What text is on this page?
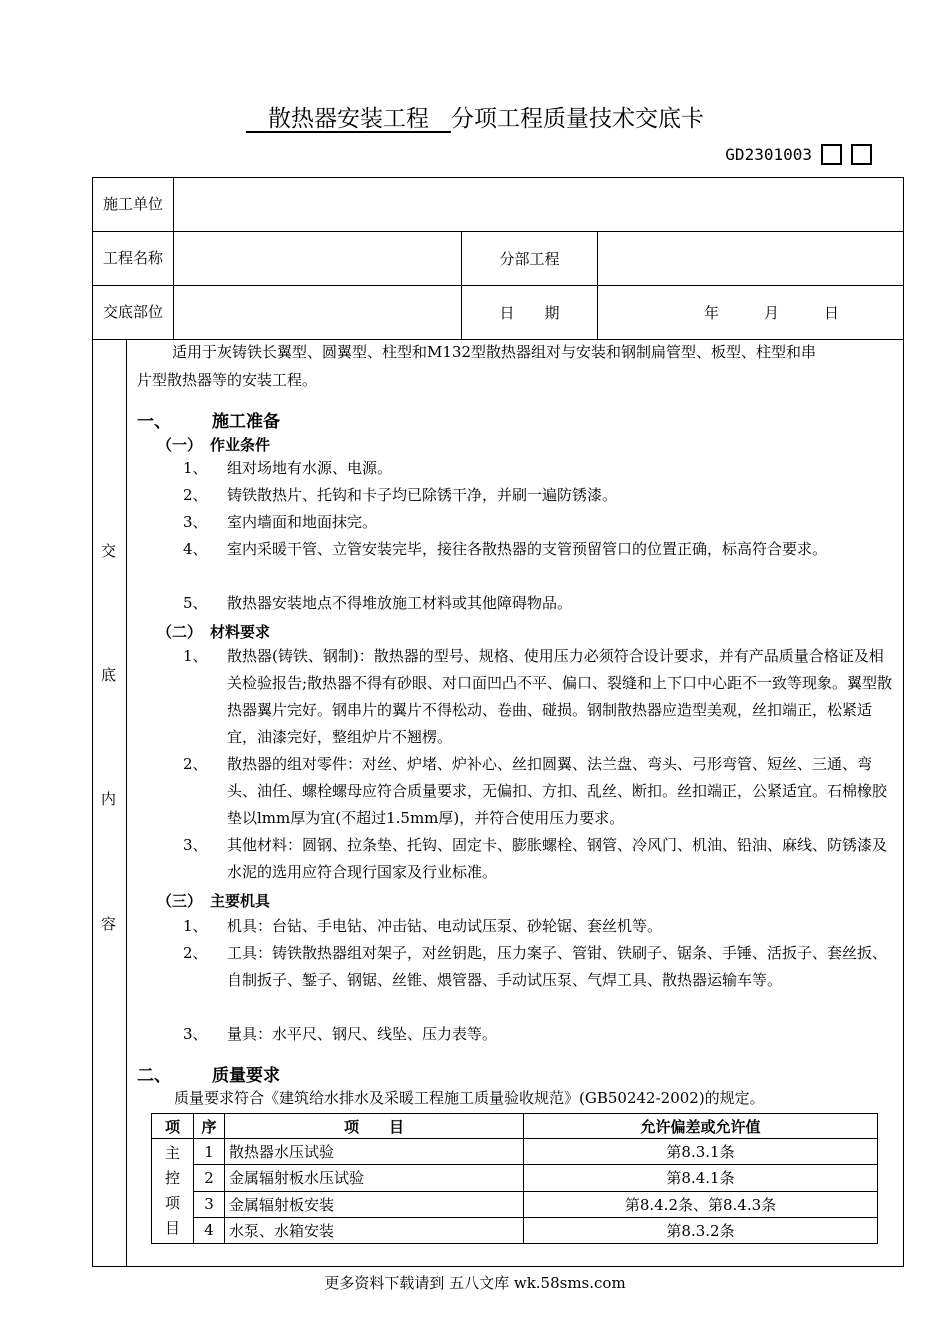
散热器安装工程 分项工程质量技术交底卡
GD2301003
施工单位
工程名称	分部工程
交底部位	日　　期	年　　　月　　　日
交
底
内
容
适用于灰铸铁长翼型、圆翼型、柱型和M132型散热器组对与安装和钢制扁管型、板型、柱型和串
片型散热器等的安装工程。
一、 施工准备
（一） 作业条件
1、 组对场地有水源、电源。
2、 铸铁散热片、托钩和卡子均已除锈干净，并刷一遍防锈漆。
3、 室内墙面和地面抹完。
4、 室内采暖干管、立管安装完毕，接往各散热器的支管预留管口的位置正确，标高符合要求。
5、 散热器安装地点不得堆放施工材料或其他障碍物品。
（二） 材料要求
1、 散热器(铸铁、钢制)：散热器的型号、规格、使用压力必须符合设计要求，并有产品质量合格证及相关检验报告;散热器不得有砂眼、对口面凹凸不平、偏口、裂缝和上下口中心距不一致等现象。翼型散热器翼片完好。钢串片的翼片不得松动、卷曲、碰损。钢制散热器应造型美观，丝扣端正，松紧适宜，油漆完好，整组炉片不翘楞。
2、 散热器的组对零件：对丝、炉堵、炉补心、丝扣圆翼、法兰盘、弯头、弓形弯管、短丝、三通、弯头、油任、螺栓螺母应符合质量要求，无偏扣、方扣、乱丝、断扣。丝扣端正，公紧适宜。石棉橡胶垫以lmm厚为宜(不超过1.5mm厚)，并符合使用压力要求。
3、 其他材料：圆钢、拉条垫、托钩、固定卡、膨胀螺栓、钢管、冷风门、机油、铅油、麻线、防锈漆及水泥的选用应符合现行国家及行业标准。
（三） 主要机具
1、 机具：台钻、手电钻、冲击钻、电动试压泵、砂轮锯、套丝机等。
2、 工具：铸铁散热器组对架子，对丝钥匙，压力案子、管钳、铁刷子、锯条、手锤、活扳子、套丝扳、自制扳子、錾子、钢锯、丝锥、煨管器、手动试压泵、气焊工具、散热器运输车等。
3、 量具：水平尺、钢尺、线坠、压力表等。
二、 质量要求
质量要求符合《建筑给水排水及采暖工程施工质量验收规范》(GB50242-2002)的规定。
项	序	项　　目	允许偏差或允许值
主
控
项
目	1	散热器水压试验	第8.3.1条
	2	金属辐射板水压试验	第8.4.1条
	3	金属辐射板安装	第8.4.2条、第8.4.3条
	4	水泵、水箱安装	第8.3.2条
更多资料下载请到 五八文库 wk.58sms.com
